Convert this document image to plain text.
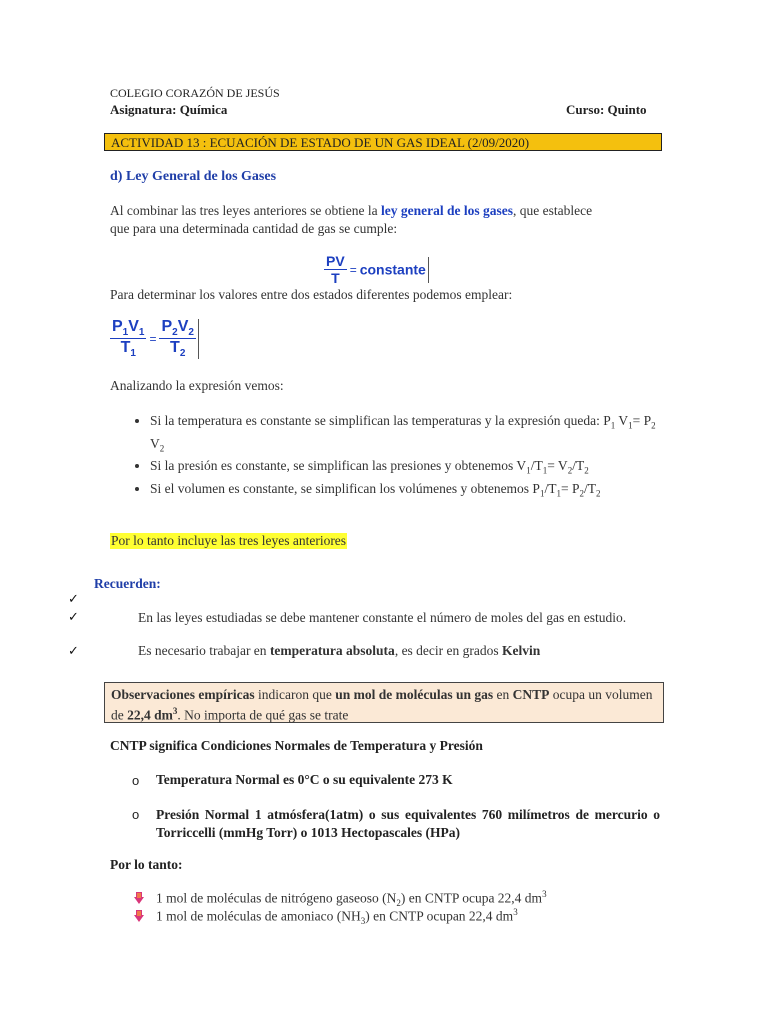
COLEGIO CORAZÓN DE JESÚS
Asignatura: Química	Curso: Quinto
ACTIVIDAD 13 : ECUACIÓN DE ESTADO DE UN GAS IDEAL (2/09/2020)
d) Ley General de los Gases
Al combinar las tres leyes anteriores se obtiene la ley general de los gases, que establece que para una determinada cantidad de gas se cumple:
$\frac{PV}{T}$ = constante
Para determinar los valores entre dos estados diferentes podemos emplear:
$\frac{P_1V_1}{T_1} = \frac{P_2V_2}{T_2}$
Analizando la expresión vemos:
• Si la temperatura es constante se simplifican las temperaturas y la expresión queda: $P_1$ $V_1= P_2$ $V_2$
• Si la presión es constante, se simplifican las presiones y obtenemos $V_1/T_1= V_2/T_2$
• Si el volumen es constante, se simplifican los volúmenes y obtenemos $P_1/T_1= P_2/T_2$
Por lo tanto incluye las tres leyes anteriores
Recuerden:
✓
✓
✓
En las leyes estudiadas se debe mantener constante el número de moles del gas en estudio.
Es necesario trabajar en temperatura absoluta, es decir en grados Kelvin
Observaciones empíricas indicaron que un mol de moléculas un gas en CNTP ocupa un volumen de 22,4 $dm^3$. No importa de qué gas se trate
CNTP significa Condiciones Normales de Temperatura y Presión
o
o
Temperatura Normal es 0°C o su equivalente 273 K
Presión Normal 1 atmósfera(1atm) o sus equivalentes 760 milímetros de mercurio o Torriccelli (mmHg Torr) o 1013 Hectopascales (HPa)
Por lo tanto:
1 mol de moléculas de nitrógeno gaseoso $(N_2)$ en CNTP ocupa 22,4 $dm^3$
1 mol de moléculas de amoniaco $(NH_3)$ en CNTP ocupan 22,4 $dm^3$
